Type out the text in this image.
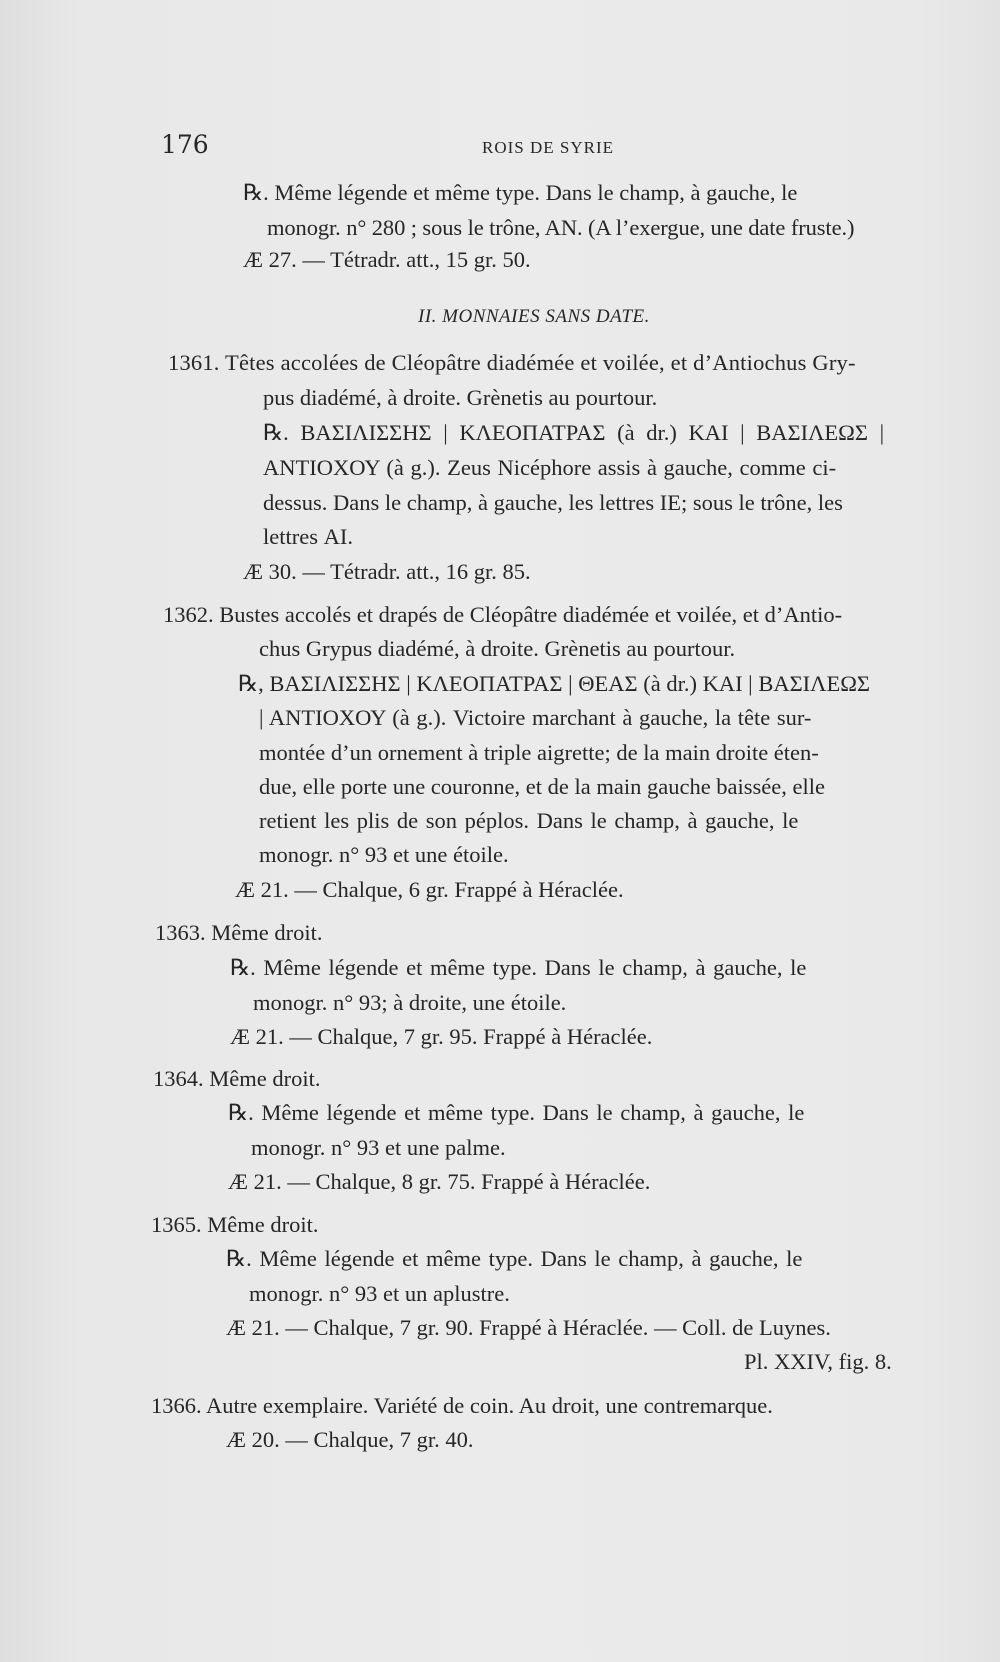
176	ROIS DE SYRIE
℞. Même légende et même type. Dans le champ, à gauche, le
monogr. n° 280 ; sous le trône, AN. (A l’exergue, une date fruste.)
Æ 27. — Tétradr. att., 15 gr. 50.
II. MONNAIES SANS DATE.
1361. Têtes accolées de Cléopâtre diadémée et voilée, et d’Antiochus Gry-
pus diadémé, à droite. Grènetis au pourtour.
℞. ΒΑΣΙΛΙΣΣΗΣ | ΚΛΕΟΠΑΤΡΑΣ (à dr.) ΚΑΙ | ΒΑΣΙΛΕΩΣ |
ΑΝΤΙΟΧΟΥ (à g.). Zeus Nicéphore assis à gauche, comme ci-
dessus. Dans le champ, à gauche, les lettres ΙΕ; sous le trône, les
lettres ΑΙ.
Æ 30. — Tétradr. att., 16 gr. 85.
1362. Bustes accolés et drapés de Cléopâtre diadémée et voilée, et d’Antio-
chus Grypus diadémé, à droite. Grènetis au pourtour.
℞, ΒΑΣΙΛΙΣΣΗΣ | ΚΛΕΟΠΑΤΡΑΣ | ΘΕΑΣ (à dr.) ΚΑΙ | ΒΑΣΙΛΕΩΣ
| ΑΝΤΙΟΧΟΥ (à g.). Victoire marchant à gauche, la tête sur-
montée d’un ornement à triple aigrette; de la main droite éten-
due, elle porte une couronne, et de la main gauche baissée, elle
retient les plis de son péplos. Dans le champ, à gauche, le
monogr. n° 93 et une étoile.
Æ 21. — Chalque, 6 gr. Frappé à Héraclée.
1363. Même droit.
℞. Même légende et même type. Dans le champ, à gauche, le
monogr. n° 93; à droite, une étoile.
Æ 21. — Chalque, 7 gr. 95. Frappé à Héraclée.
1364. Même droit.
℞. Même légende et même type. Dans le champ, à gauche, le
monogr. n° 93 et une palme.
Æ 21. — Chalque, 8 gr. 75. Frappé à Héraclée.
1365. Même droit.
℞. Même légende et même type. Dans le champ, à gauche, le
monogr. n° 93 et un aplustre.
Æ 21. — Chalque, 7 gr. 90. Frappé à Héraclée. — Coll. de Luynes.
Pl. XXIV, fig. 8.
1366. Autre exemplaire. Variété de coin. Au droit, une contremarque.
Æ 20. — Chalque, 7 gr. 40.
